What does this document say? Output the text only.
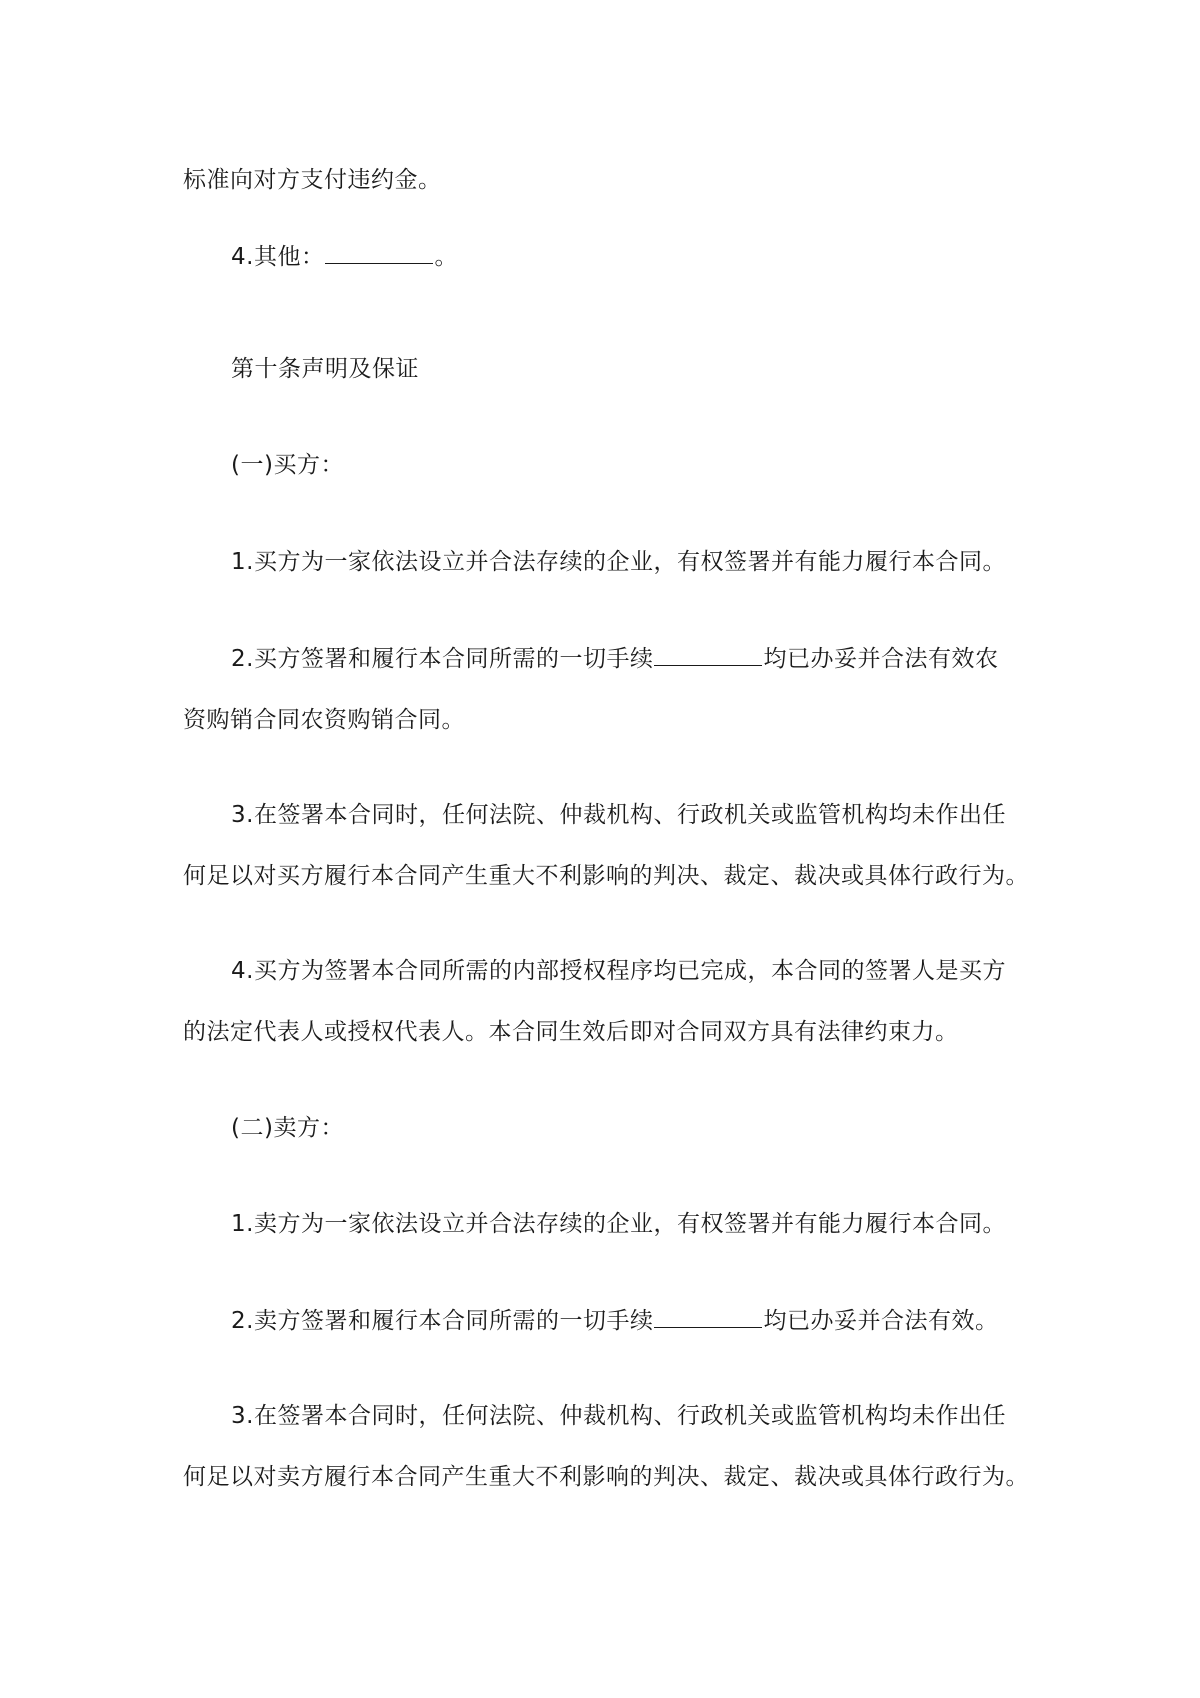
标准向对方支付违约金。
4.其他：	。
第十条声明及保证
(一)买方：
1.买方为一家依法设立并合法存续的企业，有权签署并有能力履行本合同。
2.买方签署和履行本合同所需的一切手续	均已办妥并合法有效农
资购销合同农资购销合同。
3.在签署本合同时，任何法院、仲裁机构、行政机关或监管机构均未作出任
何足以对买方履行本合同产生重大不利影响的判决、裁定、裁决或具体行政行为。
4.买方为签署本合同所需的内部授权程序均已完成，本合同的签署人是买方
的法定代表人或授权代表人。本合同生效后即对合同双方具有法律约束力。
(二)卖方：
1.卖方为一家依法设立并合法存续的企业，有权签署并有能力履行本合同。
2.卖方签署和履行本合同所需的一切手续	均已办妥并合法有效。
3.在签署本合同时，任何法院、仲裁机构、行政机关或监管机构均未作出任
何足以对卖方履行本合同产生重大不利影响的判决、裁定、裁决或具体行政行为。
